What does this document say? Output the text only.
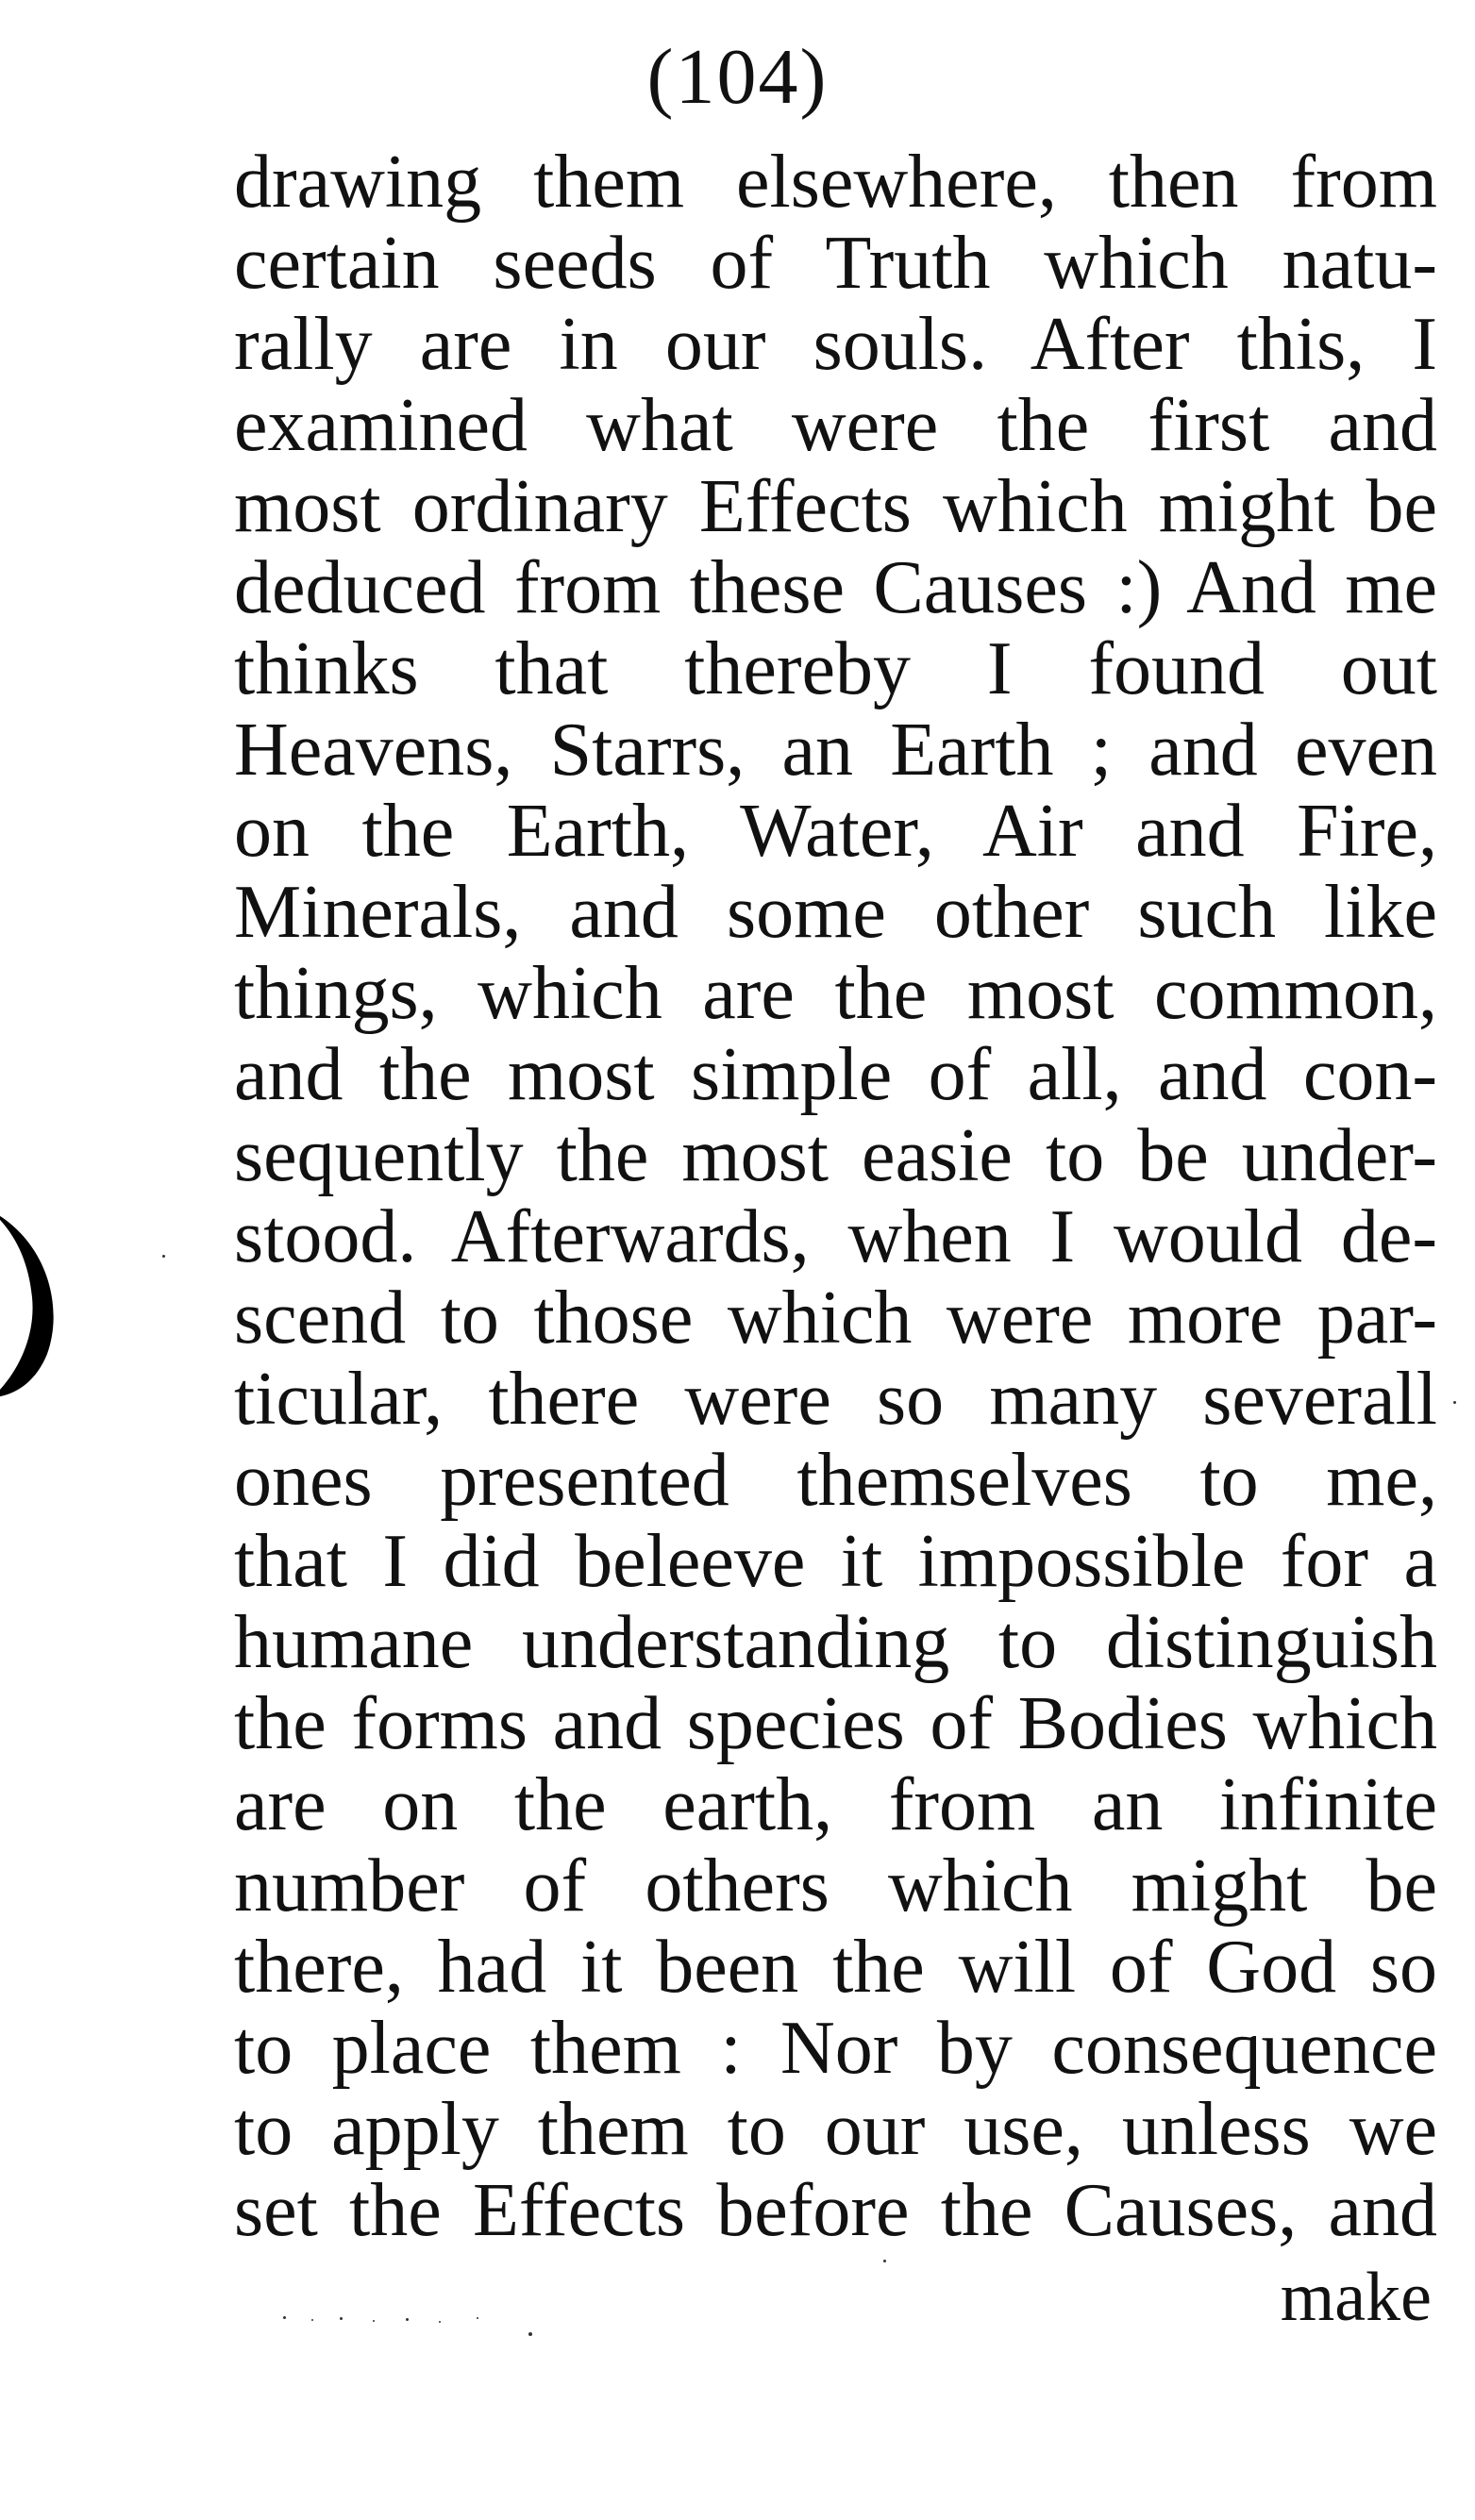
(104)
drawing them elsewhere, then from
certain seeds of Truth which natu-
rally are in our souls. After this, I
examined what were the first and
most ordinary Effects which might be
deduced from these Causes :) And me
thinks that thereby I found out
Heavens, Starrs, an Earth ; and even
on the Earth, Water, Air and Fire,
Minerals, and some other such like
things, which are the most common,
and the most simple of all, and con-
sequently the most easie to be under-
stood. Afterwards, when I would de-
scend to those which were more par-
ticular, there were so many severall
ones presented themselves to me,
that I did beleeve it impossible for a
humane understanding to distinguish
the forms and species of Bodies which
are on the earth, from an infinite
number of others which might be
there, had it been the will of God so
to place them : Nor by consequence
to apply them to our use, unless we
set the Effects before the Causes, and
make
